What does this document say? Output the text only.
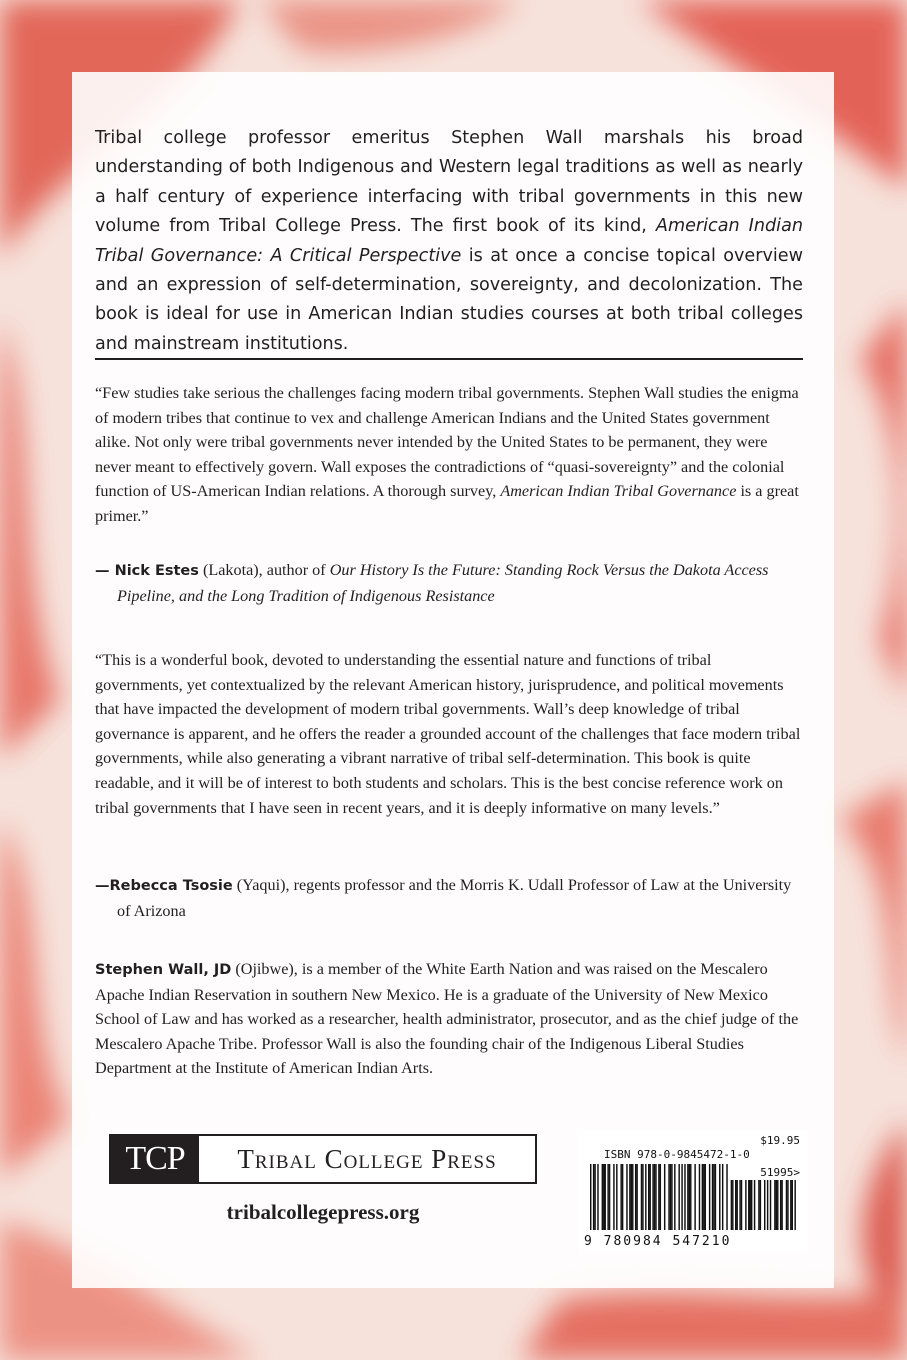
Tribal college professor emeritus Stephen Wall marshals his broad understanding of both Indigenous and Western legal traditions as well as nearly a half century of experience interfacing with tribal governments in this new volume from Tribal College Press. The first book of its kind, American Indian Tribal Governance: A Critical Perspective is at once a concise topical overview and an expression of self-determination, sovereignty, and decolonization. The book is ideal for use in American Indian studies courses at both tribal colleges and mainstream institutions.

“Few studies take serious the challenges facing modern tribal governments. Stephen Wall studies the enigma of modern tribes that continue to vex and challenge American Indians and the United States government alike. Not only were tribal governments never intended by the United States to be permanent, they were never meant to effectively govern. Wall exposes the contradictions of “quasi-sovereignty” and the colonial function of US-American Indian relations. A thorough survey, American Indian Tribal Governance is a great primer.”

— Nick Estes (Lakota), author of Our History Is the Future: Standing Rock Versus the Dakota Access Pipeline, and the Long Tradition of Indigenous Resistance

“This is a wonderful book, devoted to understanding the essential nature and functions of tribal governments, yet contextualized by the relevant American history, jurisprudence, and political movements that have impacted the development of modern tribal governments. Wall’s deep knowledge of tribal governance is apparent, and he offers the reader a grounded account of the challenges that face modern tribal governments, while also generating a vibrant narrative of tribal self-determination. This book is quite readable, and it will be of interest to both students and scholars. This is the best concise reference work on tribal governments that I have seen in recent years, and it is deeply informative on many levels.”

—Rebecca Tsosie (Yaqui), regents professor and the Morris K. Udall Professor of Law at the University of Arizona

Stephen Wall, JD (Ojibwe), is a member of the White Earth Nation and was raised on the Mescalero Apache Indian Reservation in southern New Mexico. He is a graduate of the University of New Mexico School of Law and has worked as a researcher, health administrator, prosecutor, and as the chief judge of the Mescalero Apache Tribe. Professor Wall is also the founding chair of the Indigenous Liberal Studies Department at the Institute of American Indian Arts.

TCP	Tribal College Press
tribalcollegepress.org
$19.95
ISBN 978-0-9845472-1-0
51995>
9 780984 547210
